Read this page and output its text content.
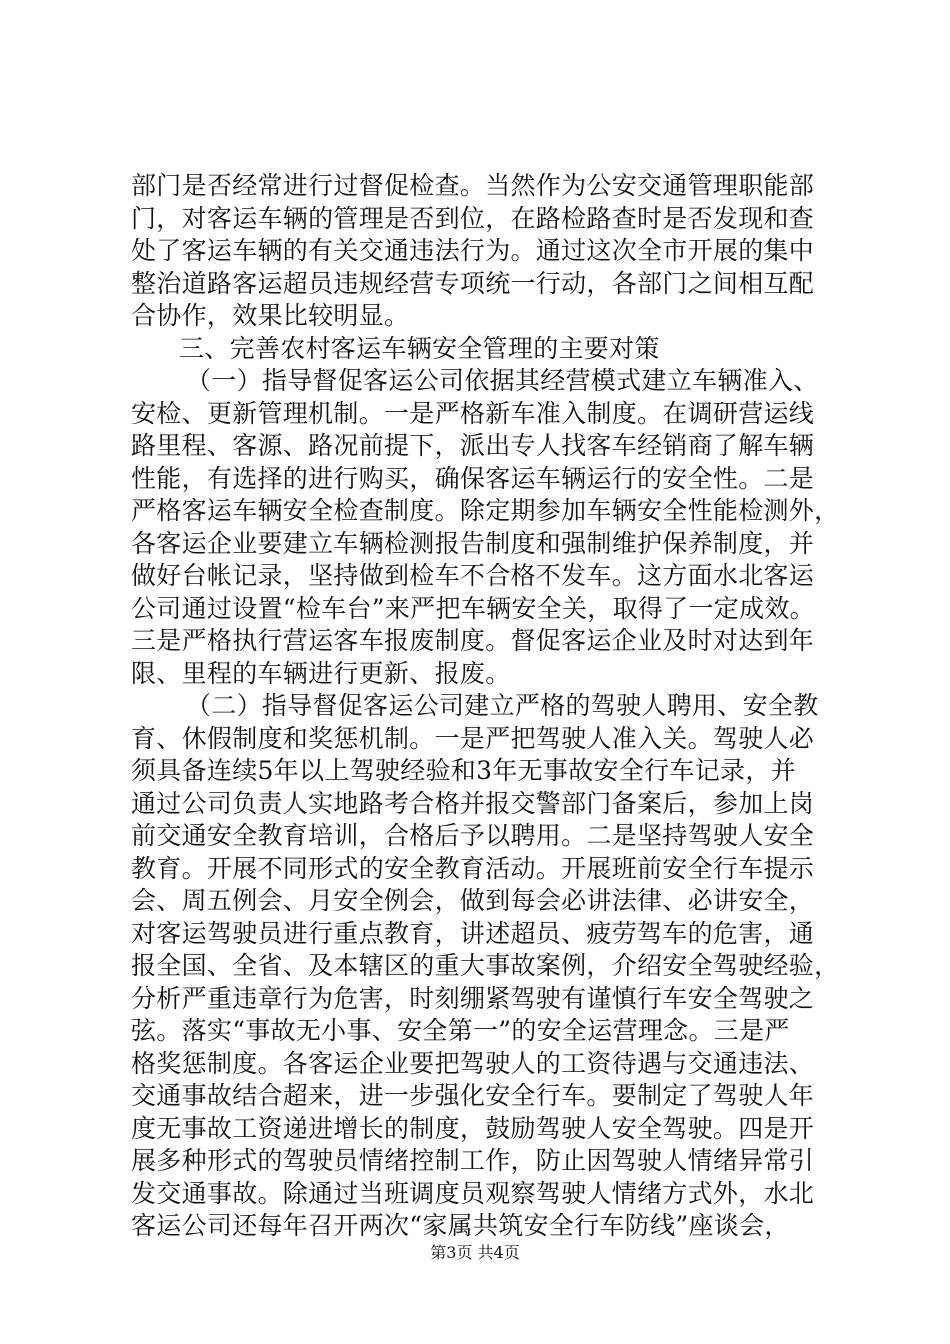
部门是否经常进行过督促检查。当然作为公安交通管理职能部
门，对客运车辆的管理是否到位，在路检路查时是否发现和查
处了客运车辆的有关交通违法行为。通过这次全市开展的集中
整治道路客运超员违规经营专项统一行动，各部门之间相互配
合协作，效果比较明显。
三、完善农村客运车辆安全管理的主要对策
（一）指导督促客运公司依据其经营模式建立车辆准入、
安检、更新管理机制。一是严格新车准入制度。在调研营运线
路里程、客源、路况前提下，派出专人找客车经销商了解车辆
性能，有选择的进行购买，确保客运车辆运行的安全性。二是
严格客运车辆安全检查制度。除定期参加车辆安全性能检测外，
各客运企业要建立车辆检测报告制度和强制维护保养制度，并
做好台帐记录，坚持做到检车不合格不发车。这方面水北客运
公司通过设置“检车台”来严把车辆安全关，取得了一定成效。
三是严格执行营运客车报废制度。督促客运企业及时对达到年
限、里程的车辆进行更新、报废。
（二）指导督促客运公司建立严格的驾驶人聘用、安全教
育、休假制度和奖惩机制。一是严把驾驶人准入关。驾驶人必
须具备连续5年以上驾驶经验和3年无事故安全行车记录，并
通过公司负责人实地路考合格并报交警部门备案后，参加上岗
前交通安全教育培训，合格后予以聘用。二是坚持驾驶人安全
教育。开展不同形式的安全教育活动。开展班前安全行车提示
会、周五例会、月安全例会，做到每会必讲法律、必讲安全，
对客运驾驶员进行重点教育，讲述超员、疲劳驾车的危害，通
报全国、全省、及本辖区的重大事故案例，介绍安全驾驶经验，
分析严重违章行为危害，时刻绷紧驾驶有谨慎行车安全驾驶之
弦。落实“事故无小事、安全第一”的安全运营理念。三是严
格奖惩制度。各客运企业要把驾驶人的工资待遇与交通违法、
交通事故结合超来，进一步强化安全行车。要制定了驾驶人年
度无事故工资递进增长的制度，鼓励驾驶人安全驾驶。四是开
展多种形式的驾驶员情绪控制工作，防止因驾驶人情绪异常引
发交通事故。除通过当班调度员观察驾驶人情绪方式外，水北
客运公司还每年召开两次“家属共筑安全行车防线”座谈会，
第3页 共4页
